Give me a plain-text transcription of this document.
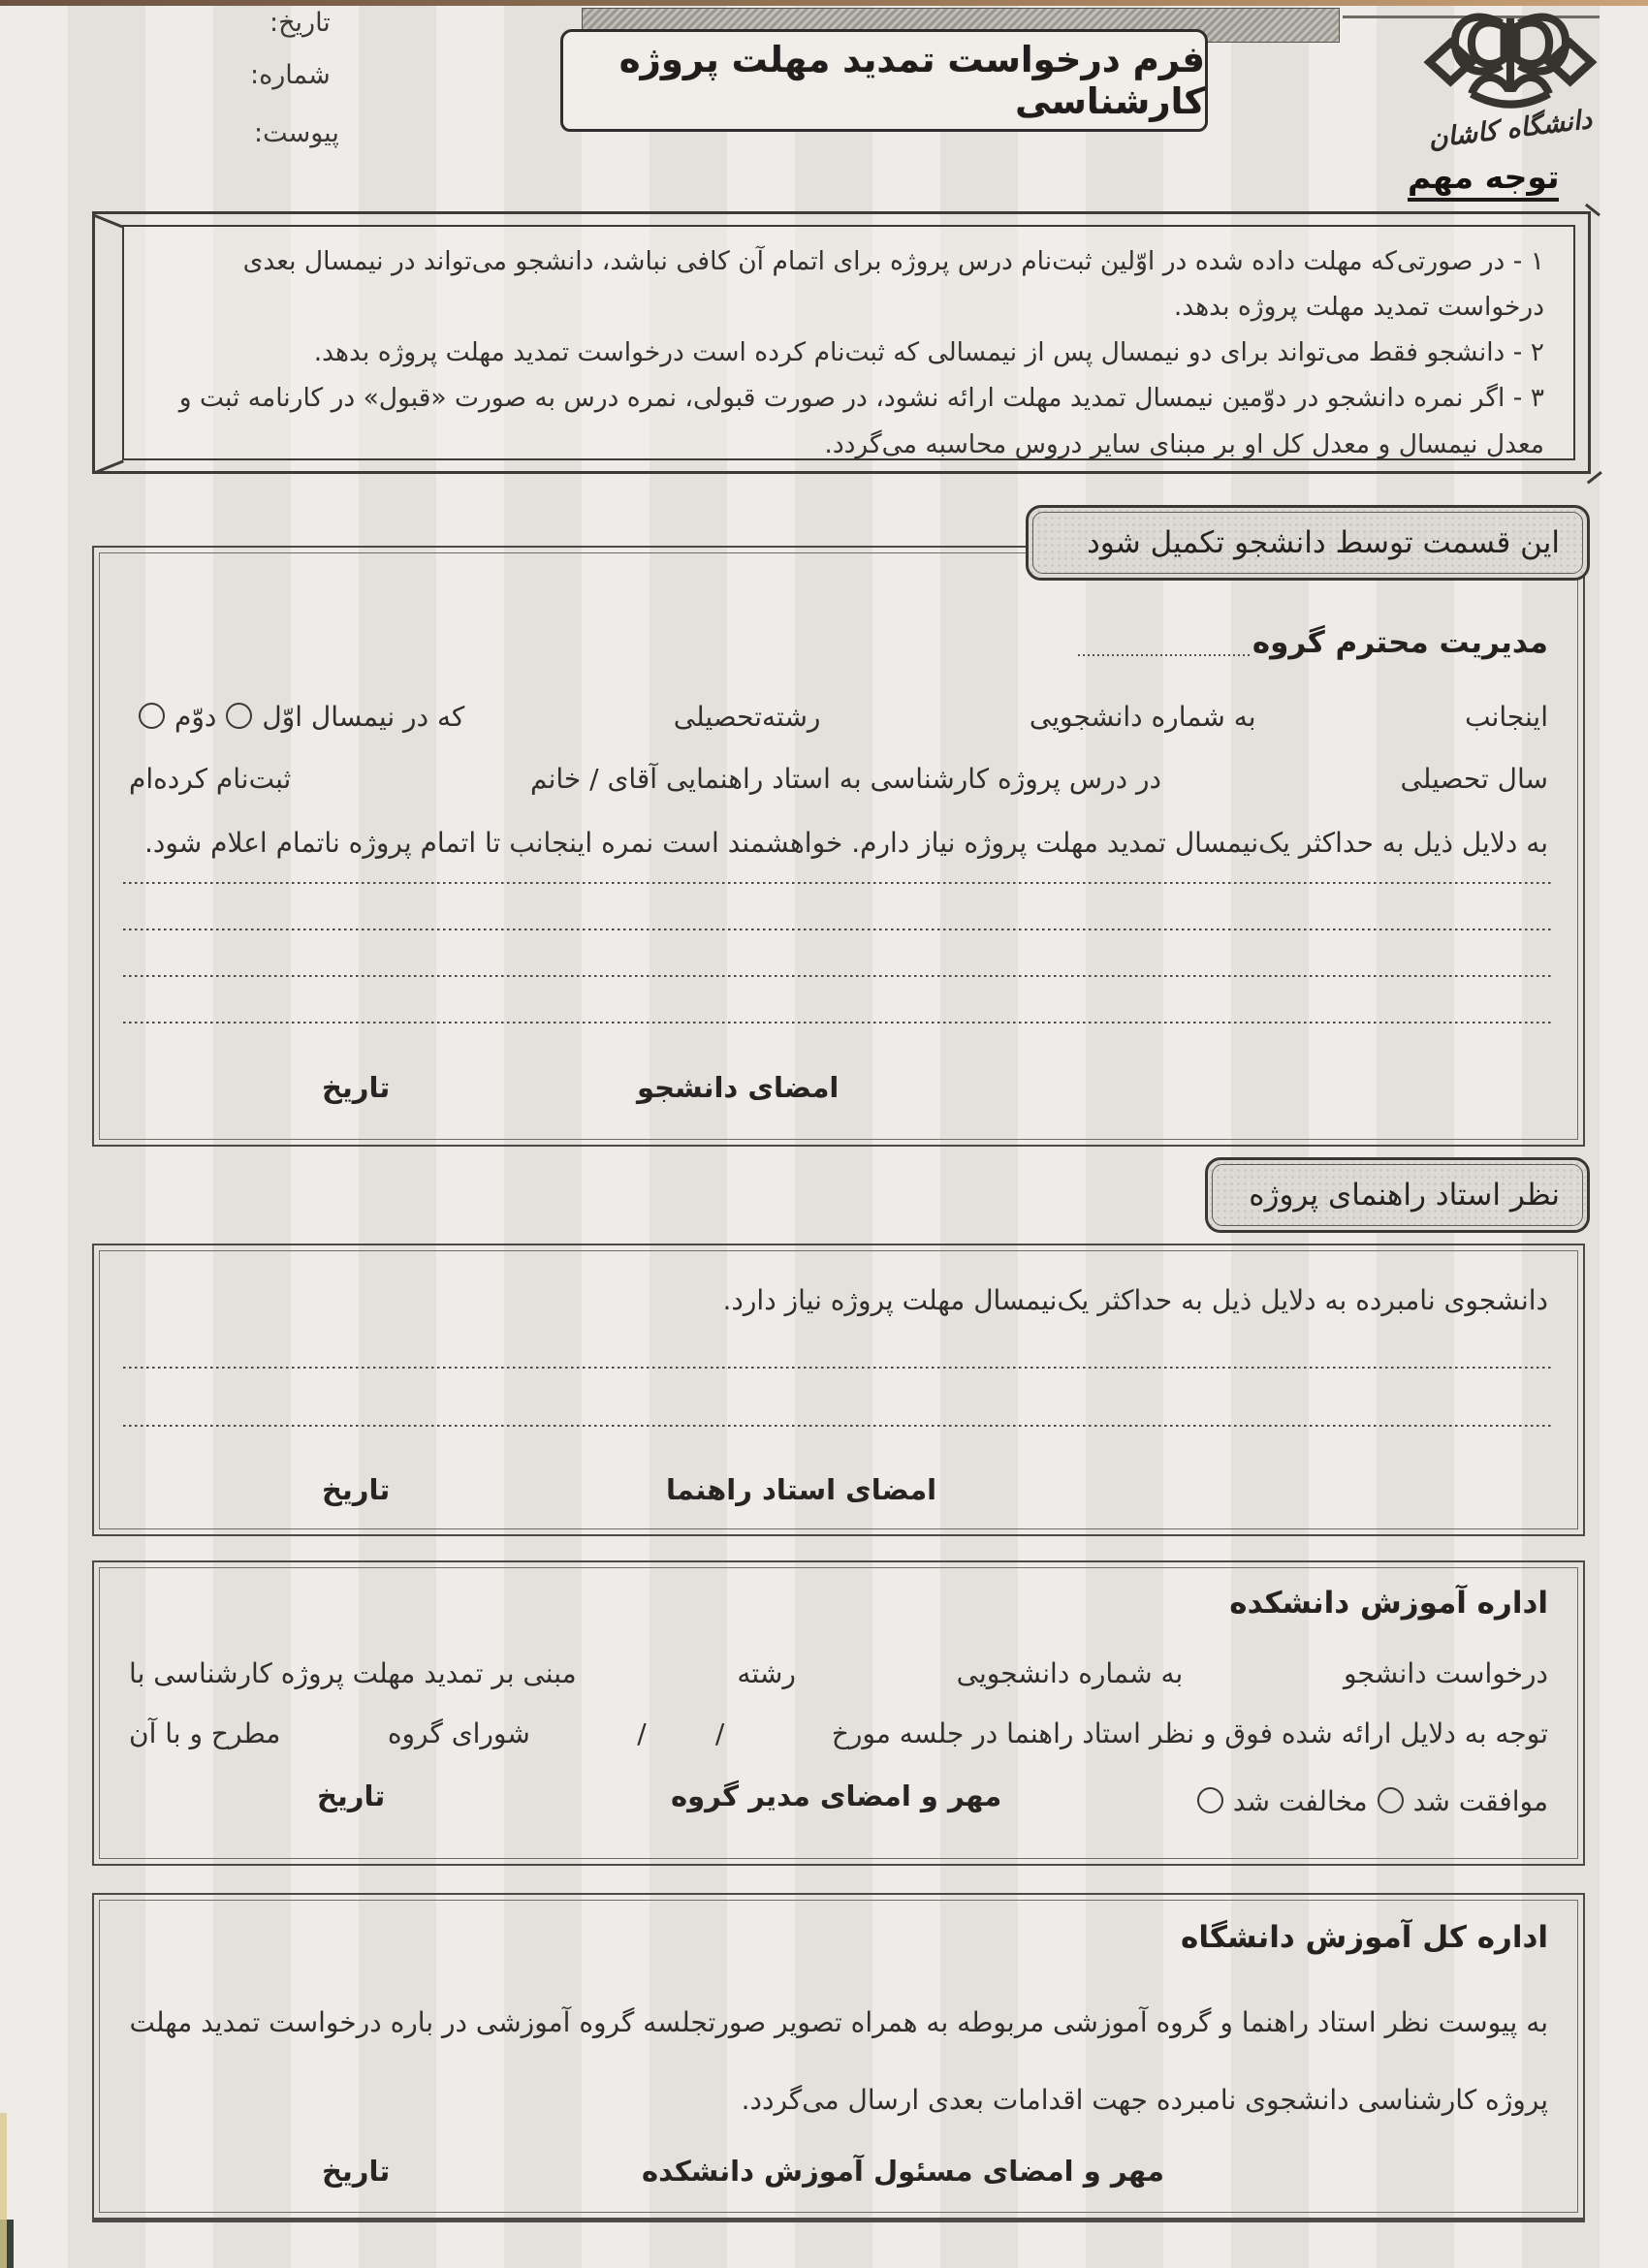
تاریخ:
شماره:
پیوست:
فرم درخواست تمدید مهلت پروژه کارشناسی
دانشگاه کاشان
توجه مهم
۱ - در صورتی‌که مهلت داده شده در اوّلین ثبت‌نام درس پروژه برای اتمام آن کافی نباشد، دانشجو می‌تواند در نیمسال بعدی درخواست تمدید مهلت پروژه بدهد.
۲ - دانشجو فقط می‌تواند برای دو نیمسال پس از نیمسالی که ثبت‌نام کرده است درخواست تمدید مهلت پروژه بدهد.
۳ - اگر نمره دانشجو در دوّمین نیمسال تمدید مهلت ارائه نشود، در صورت قبولی، نمره درس به صورت «قبول» در کارنامه ثبت و معدل نیمسال و معدل کل او بر مبنای سایر دروس محاسبه می‌گردد.
این قسمت توسط دانشجو تکمیل شود
مدیریت محترم گروه
اینجانب
به شماره دانشجویی
رشته‌تحصیلی
که در نیمسال اوّلدوّم
سال تحصیلی
در درس پروژه کارشناسی به استاد راهنمایی آقای / خانم
ثبت‌نام کرده‌ام
به دلایل ذیل به حداکثر یک‌نیمسال تمدید مهلت پروژه نیاز دارم. خواهشمند است نمره اینجانب تا اتمام پروژه ناتمام اعلام شود.
امضای دانشجو
تاریخ
نظر استاد راهنمای پروژه
دانشجوی نامبرده به دلایل ذیل به حداکثر یک‌نیمسال مهلت پروژه نیاز دارد.
امضای استاد راهنما
تاریخ
اداره آموزش دانشکده
درخواست دانشجو
به شماره دانشجویی
رشته
مبنی بر تمدید مهلت پروژه کارشناسی با
توجه به دلایل ارائه شده فوق و نظر استاد راهنما در جلسه مورخ
/        /
شورای گروه
مطرح و با آن
موافقت شدمخالفت شد
مهر و امضای مدیر گروه
تاریخ
اداره کل آموزش دانشگاه
به پیوست نظر استاد راهنما و گروه آموزشی مربوطه به همراه تصویر صورتجلسه گروه آموزشی در باره درخواست تمدید مهلت پروژه کارشناسی دانشجوی نامبرده جهت اقدامات بعدی ارسال می‌گردد.
مهر و امضای مسئول آموزش دانشکده
تاریخ
